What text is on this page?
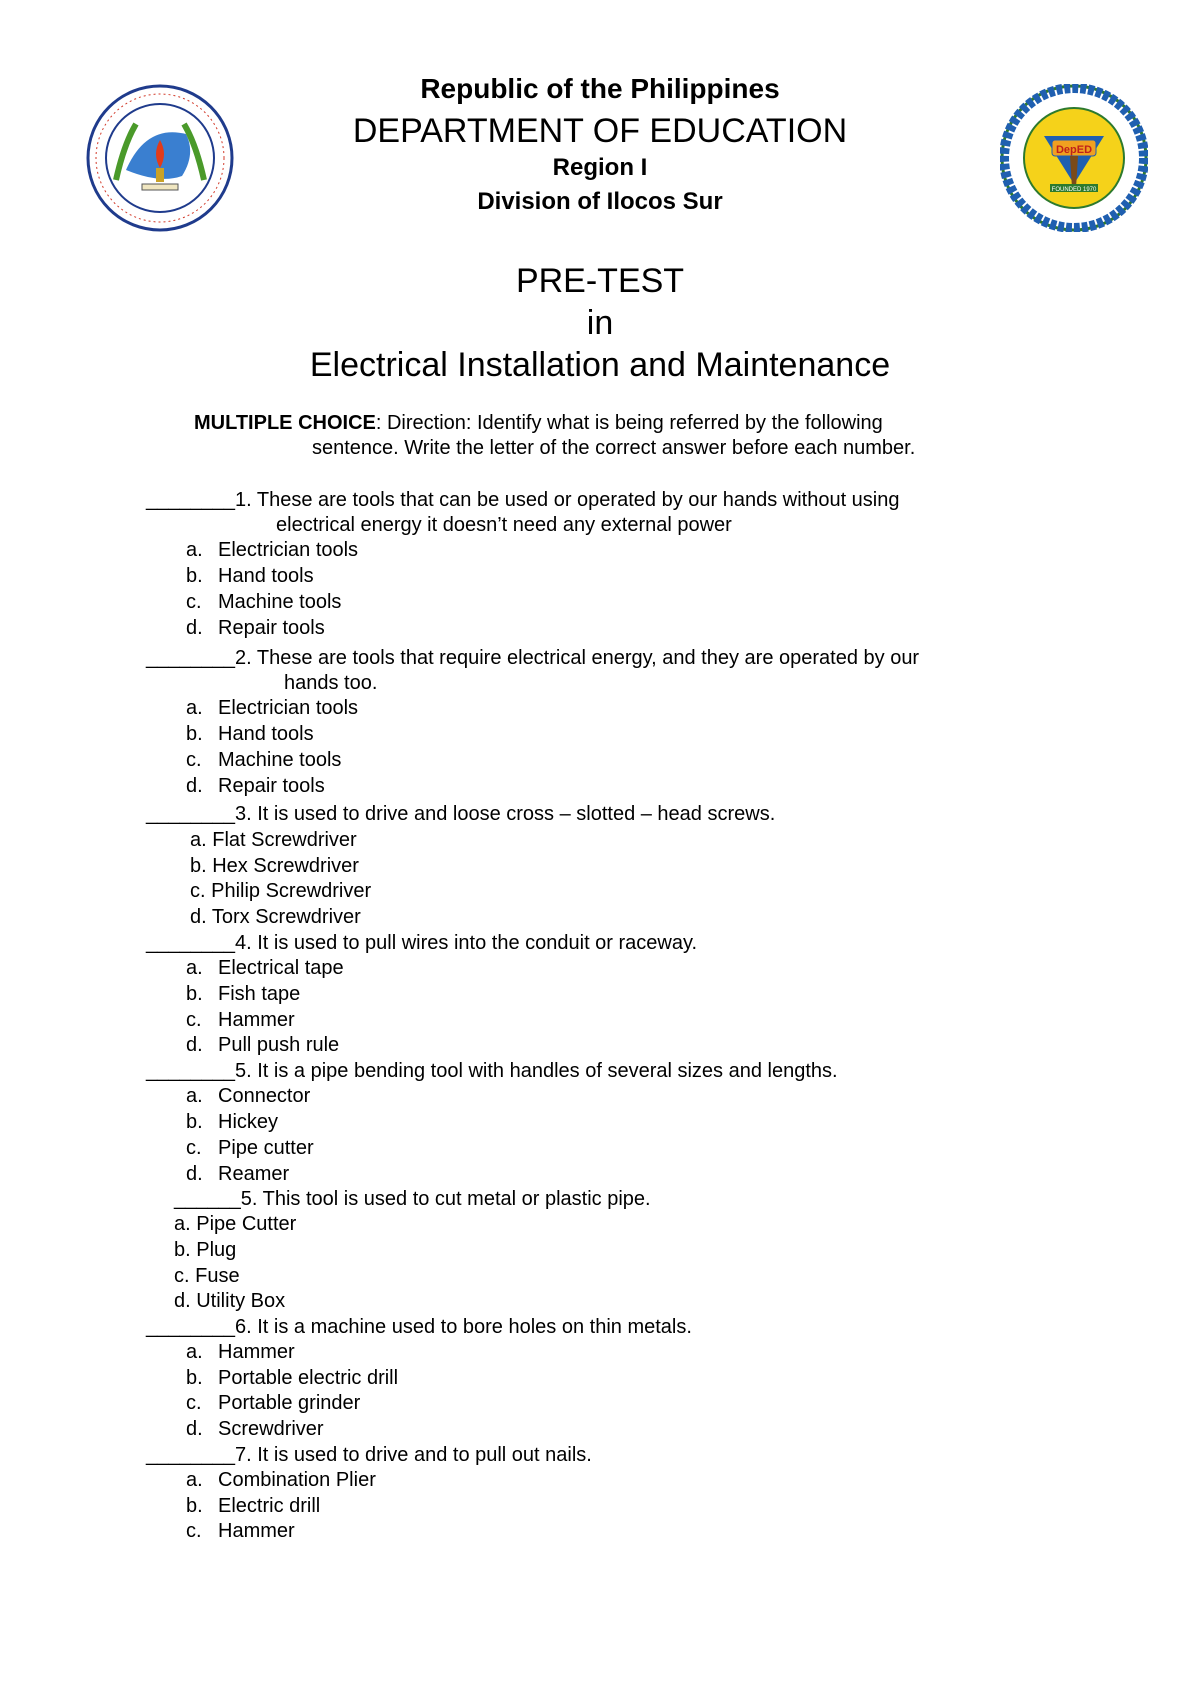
DepED
FOUNDED 1970
Republic of the Philippines
DEPARTMENT OF EDUCATION
Region I
Division of Ilocos Sur
PRE-TEST
in
Electrical Installation and Maintenance
MULTIPLE CHOICE: Direction: Identify what is being referred by the following
sentence. Write the letter of the correct answer before each number.
________1. These are tools that can be used or operated by our hands without using
electrical energy it doesn’t need any external power
a. Electrician tools
b. Hand tools
c. Machine tools
d. Repair tools
________2. These are tools that require electrical energy, and they are operated by our
hands too.
a. Electrician tools
b. Hand tools
c. Machine tools
d. Repair tools
________3. It is used to drive and loose cross – slotted – head screws.
a. Flat Screwdriver
b. Hex Screwdriver
c. Philip Screwdriver
d. Torx Screwdriver
________4. It is used to pull wires into the conduit or raceway.
a. Electrical tape
b. Fish tape
c. Hammer
d. Pull push rule
________5. It is a pipe bending tool with handles of several sizes and lengths.
a. Connector
b. Hickey
c. Pipe cutter
d. Reamer
______5. This tool is used to cut metal or plastic pipe.
a. Pipe Cutter
b. Plug
c. Fuse
d. Utility Box
________6. It is a machine used to bore holes on thin metals.
a. Hammer
b. Portable electric drill
c. Portable grinder
d. Screwdriver
________7. It is used to drive and to pull out nails.
a. Combination Plier
b. Electric drill
c. Hammer
